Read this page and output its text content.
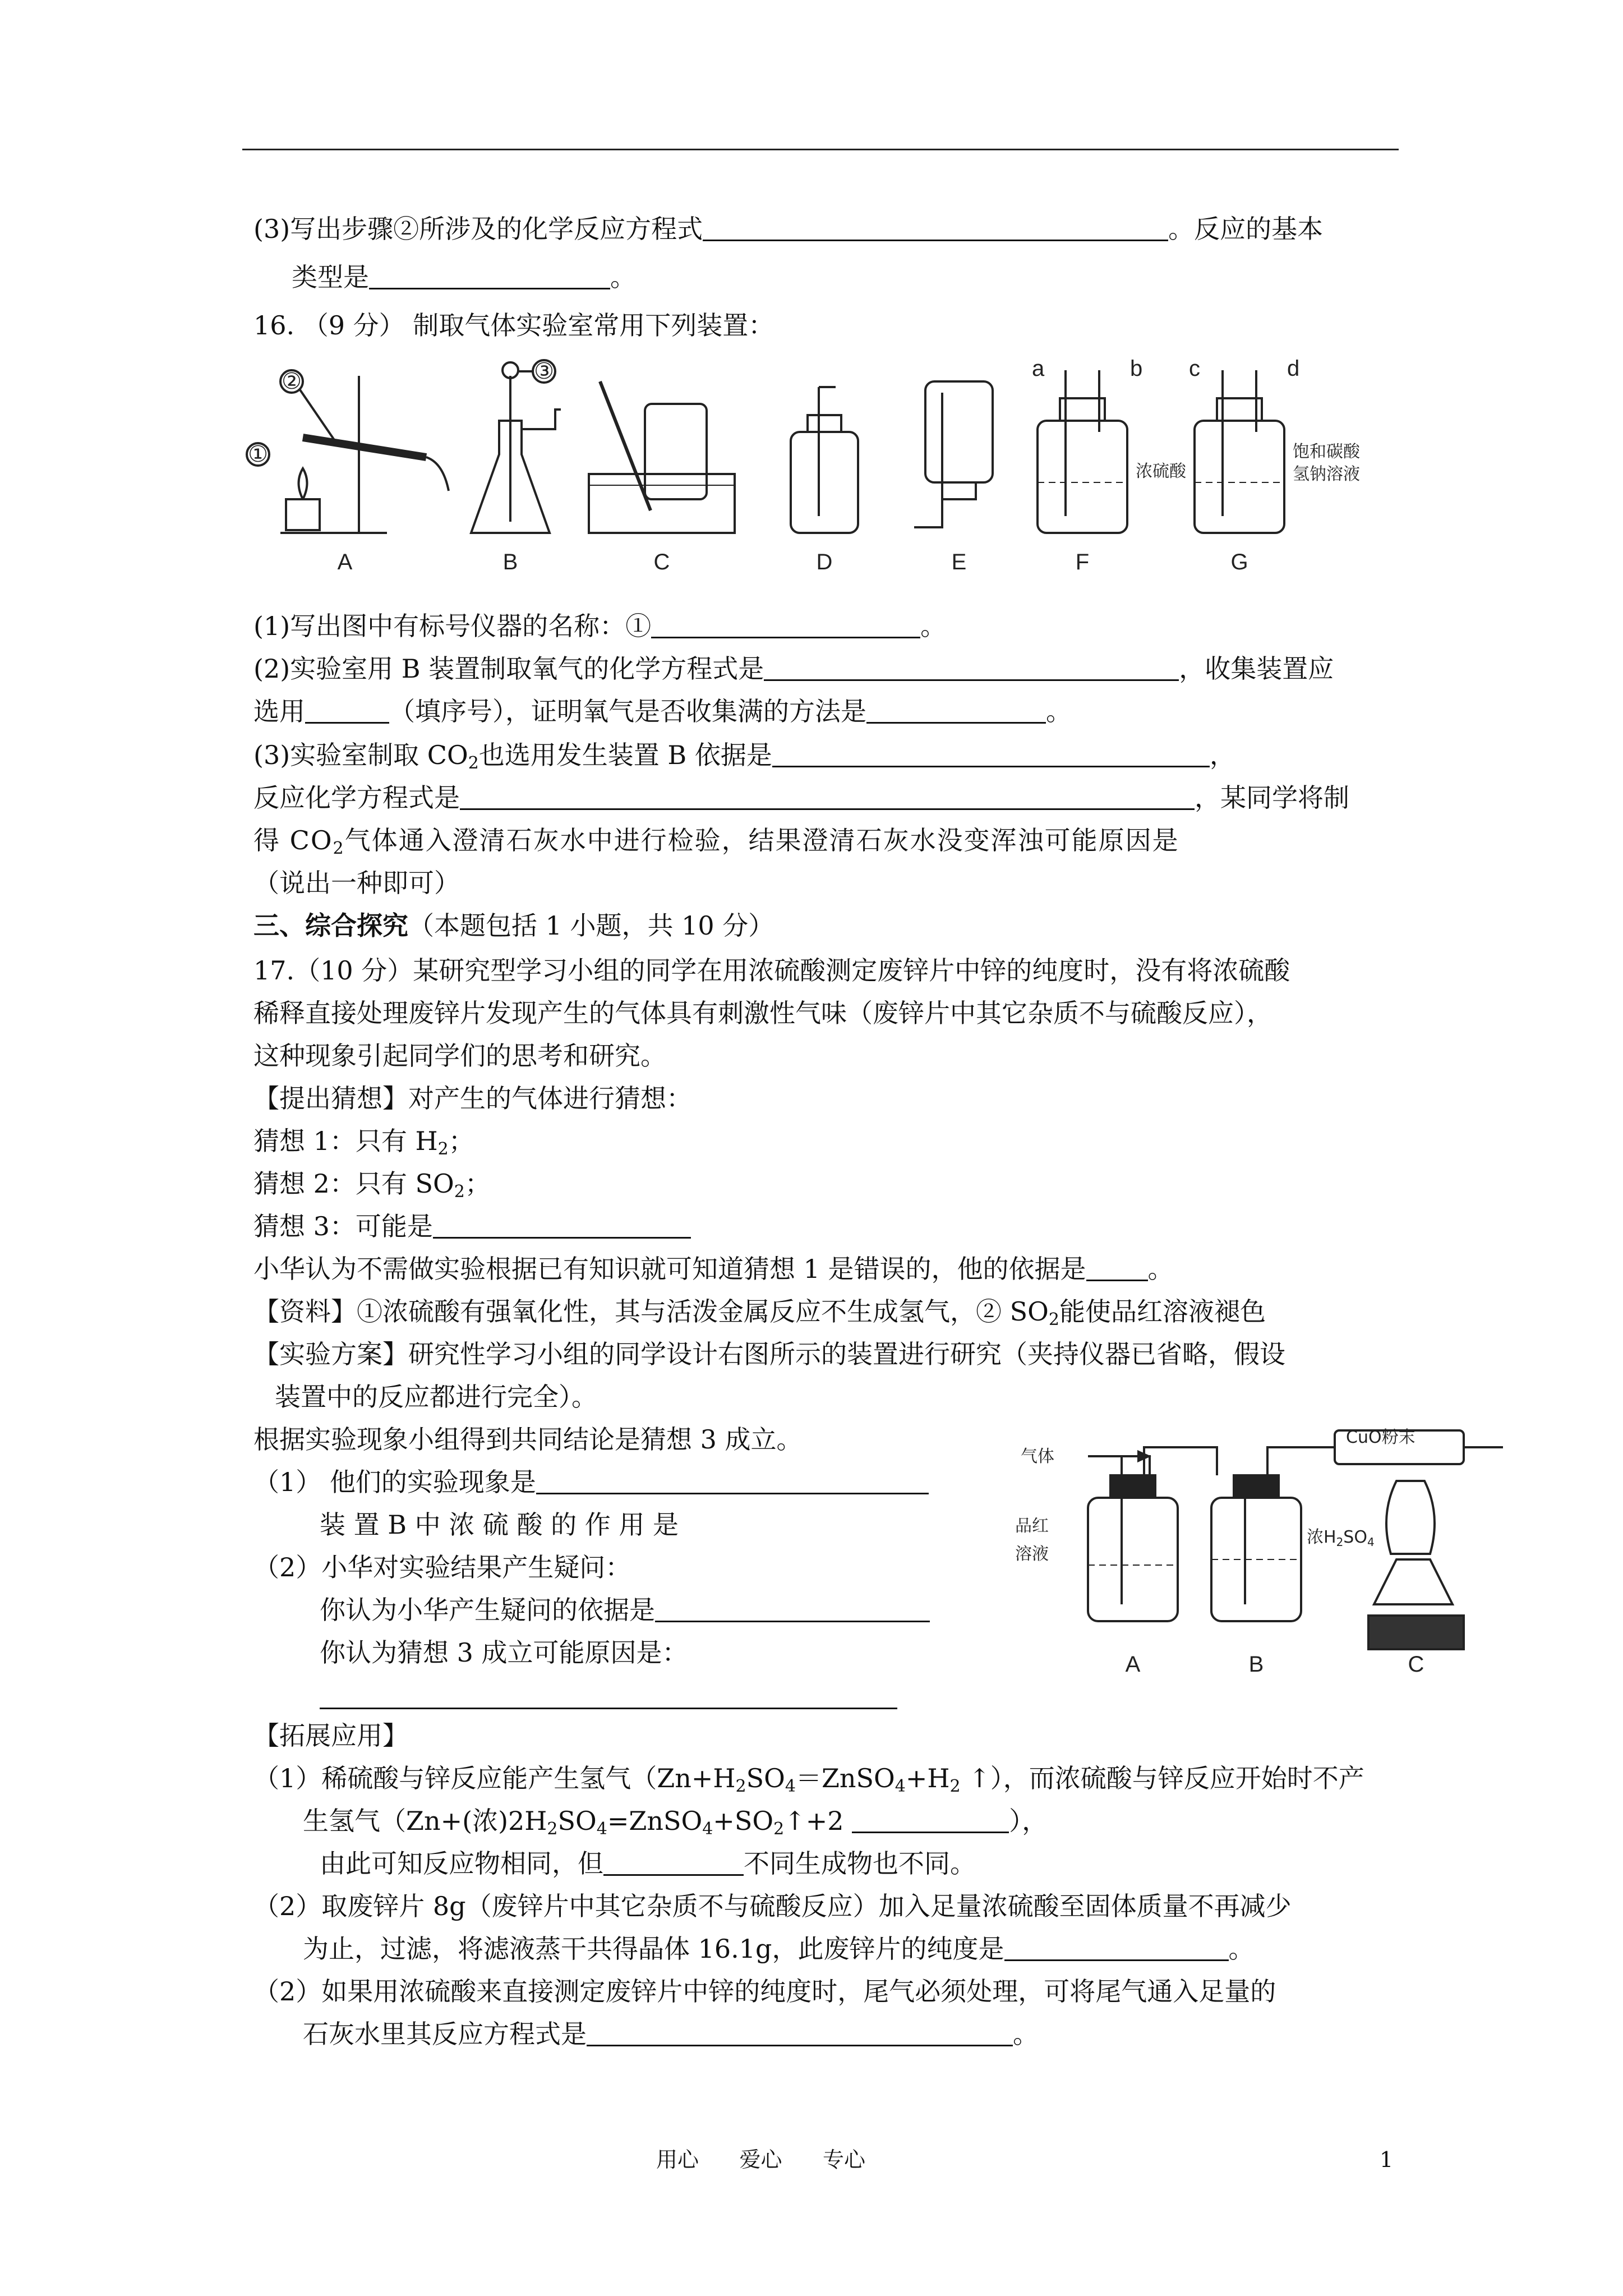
(3)写出步骤②所涉及的化学反应方程式	。反应的基本
类型是	。
16. （9 分） 制取气体实验室常用下列装置：
①
②	③	a	b c	d
浓硫酸
饱和碳酸
氢钠溶液
A	B	C	D	E	F	G
(1)写出图中有标号仪器的名称：①	。
(2)实验室用 B 装置制取氧气的化学方程式是	，收集装置应
选用	（填序号），证明氧气是否收集满的方法是	。
(3)实验室制取 $CO_2$也选用发生装置 B 依据是	，
反应化学方程式是	，某同学将制
得 $CO_2$气体通入澄清石灰水中进行检验，结果澄清石灰水没变浑浊可能原因是
（说出一种即可）
三、综合探究（本题包括 1 小题，共 10 分）
17.（10 分）某研究型学习小组的同学在用浓硫酸测定废锌片中锌的纯度时，没有将浓硫酸
稀释直接处理废锌片发现产生的气体具有刺激性气味（废锌片中其它杂质不与硫酸反应），
这种现象引起同学们的思考和研究。
【提出猜想】对产生的气体进行猜想：
猜想 1：只有 $H_2$；
猜想 2：只有 $SO_2$；
猜想 3：可能是
小华认为不需做实验根据已有知识就可知道猜想 1 是错误的，他的依据是 。
【资料】①浓硫酸有强氧化性，其与活泼金属反应不生成氢气，② $SO_2$能使品红溶液褪色
【实验方案】研究性学习小组的同学设计右图所示的装置进行研究（夹持仪器已省略，假设
装置中的反应都进行完全）。
根据实验现象小组得到共同结论是猜想 3 成立。
（1） 他们的实验现象是
装 置 B 中 浓 硫 酸 的 作 用 是
（2）小华对实验结果产生疑问：
你认为小华产生疑问的依据是
你认为猜想 3 成立可能原因是：
气体
CuO粉末
品红
溶液
浓$H_2SO_4$
A	B	C
【拓展应用】
（1）稀硫酸与锌反应能产生氢气（$Zn+H_2SO_4=ZnSO_4+H_2$ ↑），而浓硫酸与锌反应开始时不产
生氢气（Zn+(浓)$2H_2SO_4=ZnSO_4+SO_2↑+2$	），
由此可知反应物相同，但	不同生成物也不同。
（2）取废锌片 8g（废锌片中其它杂质不与硫酸反应）加入足量浓硫酸至固体质量不再减少
为止，过滤，将滤液蒸干共得晶体 16.1g，此废锌片的纯度是	。
（2）如果用浓硫酸来直接测定废锌片中锌的纯度时，尾气必须处理，可将尾气通入足量的
石灰水里其反应方程式是	。
用心      爱心      专心	1
